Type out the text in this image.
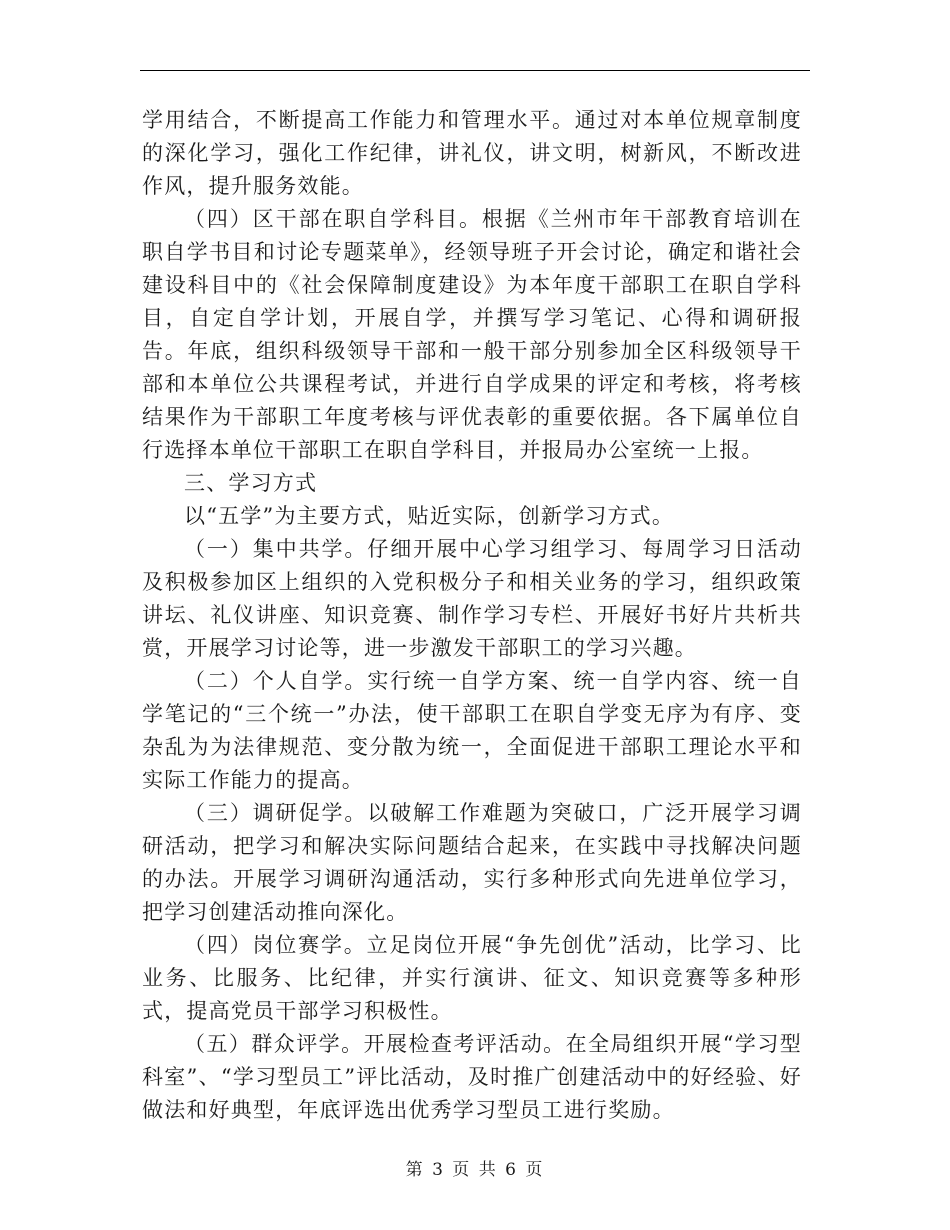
学用结合，不断提高工作能力和管理水平。通过对本单位规章制度的深化学习，强化工作纪律，讲礼仪，讲文明，树新风，不断改进作风，提升服务效能。

（四）区干部在职自学科目。根据《兰州市年干部教育培训在职自学书目和讨论专题菜单》，经领导班子开会讨论，确定和谐社会建设科目中的《社会保障制度建设》为本年度干部职工在职自学科目，自定自学计划，开展自学，并撰写学习笔记、心得和调研报告。年底，组织科级领导干部和一般干部分别参加全区科级领导干部和本单位公共课程考试，并进行自学成果的评定和考核，将考核结果作为干部职工年度考核与评优表彰的重要依据。各下属单位自行选择本单位干部职工在职自学科目，并报局办公室统一上报。

三、学习方式

以“五学”为主要方式，贴近实际，创新学习方式。

（一）集中共学。仔细开展中心学习组学习、每周学习日活动及积极参加区上组织的入党积极分子和相关业务的学习，组织政策讲坛、礼仪讲座、知识竞赛、制作学习专栏、开展好书好片共析共赏，开展学习讨论等，进一步激发干部职工的学习兴趣。

（二）个人自学。实行统一自学方案、统一自学内容、统一自学笔记的“三个统一”办法，使干部职工在职自学变无序为有序、变杂乱为为法律规范、变分散为统一，全面促进干部职工理论水平和实际工作能力的提高。

（三）调研促学。以破解工作难题为突破口，广泛开展学习调研活动，把学习和解决实际问题结合起来，在实践中寻找解决问题的办法。开展学习调研沟通活动，实行多种形式向先进单位学习，把学习创建活动推向深化。

（四）岗位赛学。立足岗位开展“争先创优”活动，比学习、比业务、比服务、比纪律，并实行演讲、征文、知识竞赛等多种形式，提高党员干部学习积极性。

（五）群众评学。开展检查考评活动。在全局组织开展“学习型科室”、“学习型员工”评比活动，及时推广创建活动中的好经验、好做法和好典型，年底评选出优秀学习型员工进行奖励。

第 3 页 共 6 页
